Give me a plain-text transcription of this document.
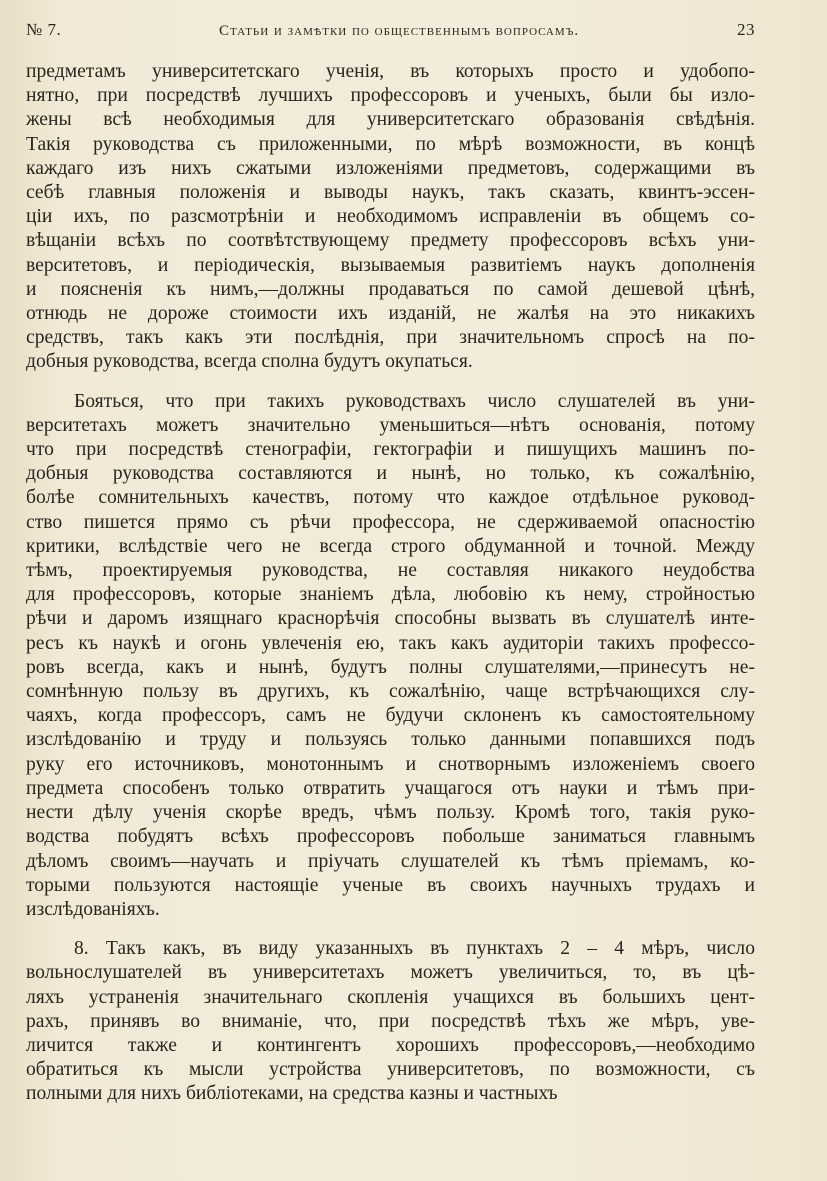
№ 7.	Статьи и замѣтки по общественнымъ вопросамъ.	23

предметамъ университетскаго ученія, въ которыхъ просто и удобопо-
нятно, при посредствѣ лучшихъ профессоровъ и ученыхъ, были бы изло-
жены всѣ необходимыя для университетскаго образованія свѣдѣнія.
Такія руководства съ приложенными, по мѣрѣ возможности, въ концѣ
каждаго изъ нихъ сжатыми изложеніями предметовъ, содержащими въ
себѣ главныя положенія и выводы наукъ, такъ сказать, квинтъ-эссен-
ціи ихъ, по разсмотрѣніи и необходимомъ исправленіи въ общемъ со-
вѣщаніи всѣхъ по соотвѣтствующему предмету профессоровъ всѣхъ уни-
верситетовъ, и періодическія, вызываемыя развитіемъ наукъ дополненія
и поясненія къ нимъ,—должны продаваться по самой дешевой цѣнѣ,
отнюдь не дороже стоимости ихъ изданій, не жалѣя на это никакихъ
средствъ, такъ какъ эти послѣднія, при значительномъ спросѣ на по-
добныя руководства, всегда сполна будутъ окупаться.

Бояться, что при такихъ руководствахъ число слушателей въ уни-
верситетахъ можетъ значительно уменьшиться—нѣтъ основанія, потому
что при посредствѣ стенографіи, гектографіи и пишущихъ машинъ по-
добныя руководства составляются и нынѣ, но только, къ сожалѣнію,
болѣе сомнительныхъ качествъ, потому что каждое отдѣльное руковод-
ство пишется прямо съ рѣчи профессора, не сдерживаемой опасностію
критики, вслѣдствіе чего не всегда строго обдуманной и точной. Между
тѣмъ, проектируемыя руководства, не составляя никакого неудобства
для профессоровъ, которые знаніемъ дѣла, любовію къ нему, стройностью
рѣчи и даромъ изящнаго краснорѣчія способны вызвать въ слушателѣ инте-
ресъ къ наукѣ и огонь увлеченія ею, такъ какъ аудиторіи такихъ профессо-
ровъ всегда, какъ и нынѣ, будутъ полны слушателями,—принесутъ не-
сомнѣнную пользу въ другихъ, къ сожалѣнію, чаще встрѣчающихся слу-
чаяхъ, когда профессоръ, самъ не будучи склоненъ къ самостоятельному
изслѣдованію и труду и пользуясь только данными попавшихся подъ
руку его источниковъ, монотоннымъ и снотворнымъ изложеніемъ своего
предмета способенъ только отвратить учащагося отъ науки и тѣмъ при-
нести дѣлу ученія скорѣе вредъ, чѣмъ пользу. Кромѣ того, такія руко-
водства побудятъ всѣхъ профессоровъ побольше заниматься главнымъ
дѣломъ своимъ—научать и пріучать слушателей къ тѣмъ пріемамъ, ко-
торыми пользуются настоящіе ученые въ своихъ научныхъ трудахъ и
изслѣдованіяхъ.

8. Такъ какъ, въ виду указанныхъ въ пунктахъ 2 – 4 мѣръ, число
вольнослушателей въ университетахъ можетъ увеличиться, то, въ цѣ-
ляхъ устраненія значительнаго скопленія учащихся въ большихъ цент-
рахъ, принявъ во вниманіе, что, при посредствѣ тѣхъ же мѣръ, уве-
личится также и контингентъ хорошихъ профессоровъ,—необходимо
обратиться къ мысли устройства университетовъ, по возможности, съ
полными для нихъ библіотеками, на средства казны и частныхъ
